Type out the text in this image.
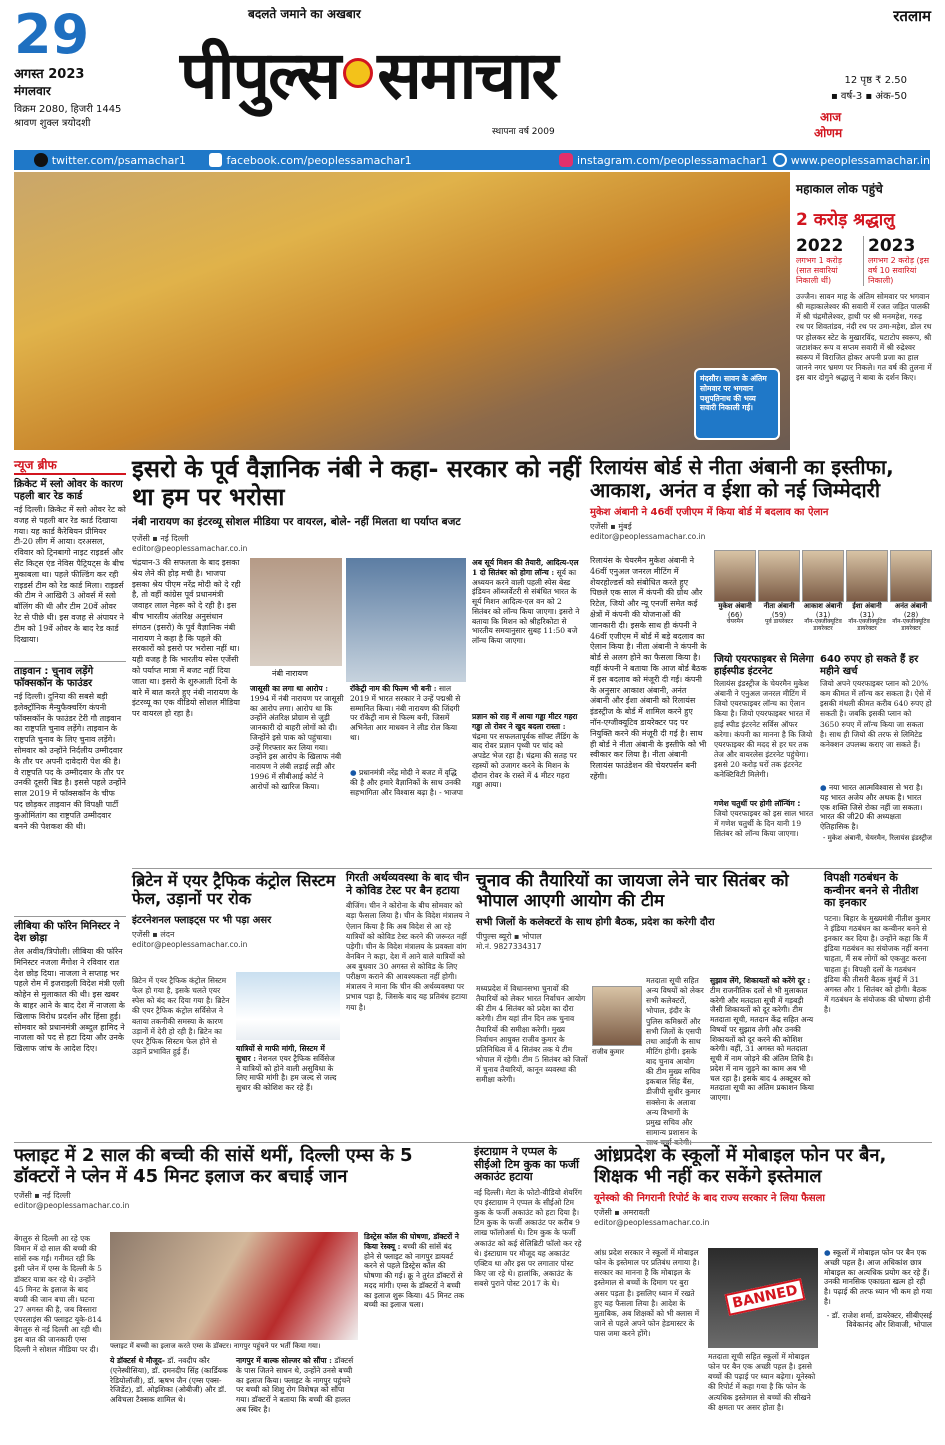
29
अगस्त 2023
मंगलवार
विक्रम 2080, हिजरी 1445
श्रावण शुक्ल त्रयोदशी
बदलते जमाने का अखबार
पीपुल्स समाचार
स्थापना वर्ष 2009
रतलाम
12 पृष्ठ ₹ 2.50
▪ वर्ष-3 ▪ अंक-50
आज
ओणम
twitter.com/psamachar1	facebook.com/peoplessamachar1	instagram.com/peoplessamachar1 www.peoplessamachar.in
मंदसौर। सावन के अंतिम सोमवार पर भगवान पशुपतिनाथ की भव्य सवारी निकाली गई।
महाकाल लोक पहुंचे
2 करोड़ श्रद्धालु
2022
लगभग 1 करोड़ (सात सवारियां निकाली थीं)
2023
लगभग 2 करोड़ (इस वर्ष 10 सवारियां निकाली)
उज्जैन। सावन माह के अंतिम सोमवार पर भगवान श्री महाकालेश्वर की सवारी में रजत जड़ित पालकी में श्री चंद्रमौलेश्वर, हाथी पर श्री मनमहेश, गरुड़ रथ पर शिवतांडव, नंदी रथ पर उमा-महेश, डोल रथ पर होलकर स्टेट के मुखारविंद, घटाटोप स्वरूप, श्री जटाशंकर रूप व सप्तम सवारी में श्री रुद्रेश्वर स्वरूप में विराजित होकर अपनी प्रजा का हाल जानने नगर भ्रमण पर निकले। गत वर्ष की तुलना में इस बार दोगुने श्रद्धालु ने बाबा के दर्शन किए।
न्यूज ब्रीफ
क्रिकेट में स्लो ओवर के कारण पहली बार रेड कार्ड
नई दिल्ली। क्रिकेट में स्लो ओवर रेट को वजह से पहली बार रेड कार्ड दिखाया गया। यह कार्ड कैरेबियन प्रीमियर टी-20 लीग में आया। दरअसल, रविवार को ट्रिनबागो नाइट राइडर्स और सेंट किट्स एंड नेविस पैट्रियट्स के बीच मुकाबला था। पहले फील्डिंग कर रही राइडर्स टीम को रेड कार्ड मिला। राइडर्स की टीम ने आखिरी 3 ओवर्स में स्लो बॉलिंग की थी और टीम 20वें ओवर रेट से पीछे थी। इस वजह से अंपायर ने टीम को 19वें ओवर के बाद रेड कार्ड दिखाया।
ताइवान : चुनाव लड़ेंगे फॉक्सकॉन के फाउंडर
नई दिल्ली। दुनिया की सबसे बड़ी इलेक्ट्रॉनिक मैन्युफैक्चरिंग कंपनी फॉक्सकॉन के फाउंडर टेरी गौ ताइवान का राष्ट्रपति चुनाव लड़ेंगे। ताइवान के राष्ट्रपति चुनाव के लिए चुनाव लड़ेंगे। सोमवार को उन्होंने निर्दलीय उम्मीदवार के तौर पर अपनी दावेदारी पेश की है। वे राष्ट्रपति पद के उम्मीदवार के तौर पर उनकी दूसरी बिड है। इससे पहले उन्होंने साल 2019 में फॉक्सकॉन के चीफ पद छोड़कर ताइवान की विपक्षी पार्टी कुओमिंतांग का राष्ट्रपति उम्मीदवार बनने की पेशकश की थी।
लीबिया की फॉरेन मिनिस्टर ने देश छोड़ा
तेल अवीव/त्रिपोली। लीबिया की फॉरेन मिनिस्टर नजला मैंगोश ने रविवार रात देश छोड़ दिया। नाजला ने सप्ताह भर पहले रोम में इजराइली विदेश मंत्री एली कोहेन से मुलाकात की थी। इस खबर के बाहर आने के बाद देश में नाजला के खिलाफ विरोध प्रदर्शन और हिंसा हुई। सोमवार को प्रधानमंत्री अब्दुल हामिद ने नाजला को पद से हटा दिया और उनके खिलाफ जांच के आदेश दिए।
इसरो के पूर्व वैज्ञानिक नंबी ने कहा- सरकार को नहीं था हम पर भरोसा
नंबी नारायण का इंटरव्यू सोशल मीडिया पर वायरल, बोले- नहीं मिलता था पर्याप्त बजट
एजेंसी ▪ नई दिल्ली
editor@peoplessamachar.co.in
चंद्रयान-3 की सफलता के बाद इसका श्रेय लेने की होड़ मची है। भाजपा इसका श्रेय पीएम नरेंद्र मोदी को दे रही है, तो वहीं कांग्रेस पूर्व प्रधानमंत्री जवाहर लाल नेहरू को दे रही है। इस बीच भारतीय अंतरिक्ष अनुसंधान संगठन (इसरो) के पूर्व वैज्ञानिक नंबी नारायण ने कहा है कि पहले की सरकारों को इसरो पर भरोसा नहीं था। यही वजह है कि भारतीय स्पेस एजेंसी को पर्याप्त मात्रा में बजट नहीं दिया जाता था। इसरो के शुरुआती दिनों के बारे में बात करते हुए नंबी नारायण के इंटरव्यू का एक वीडियो सोशल मीडिया पर वायरल हो रहा है।
नंबी नारायण
जासूसी का लगा था आरोप : 1994 में नंबी नारायण पर जासूसी का आरोप लगा। आरोप था कि उन्होंने अंतरिक्ष प्रोग्राम से जुड़ी जानकारी दो बाहरी लोगों को दी। जिन्होंने इसे पाक को पहुंचाया। उन्हें गिरफ्तार कर लिया गया। उन्होंने इस आरोप के खिलाफ नंबी नारायण ने लंबी लड़ाई लड़ी और 1996 में सीबीआई कोर्ट ने आरोपों को खारिज किया।
रॉकेट्री नाम की फिल्म भी बनी : साल 2019 में भारत सरकार ने उन्हें पद्मश्री से सम्मानित किया। नंबी नारायण की जिंदगी पर रॉकेट्री नाम से फिल्म बनी, जिसमें अभिनेता आर माधवन ने लीड रोल किया था।
● प्रधानमंत्री नरेंद्र मोदी ने बजट में वृद्धि की है और हमारे वैज्ञानिकों के साथ उनकी सहभागिता और विश्वास बढ़ा है। - भाजपा
अब सूर्य मिशन की तैयारी, आदित्य-एल 1 दो सितंबर को होगा लॉन्च : सूर्य का अध्ययन करने वाली पहली स्पेस बेस्ड इंडियन ऑब्जर्वेटरी से संबंधित भारत के सूर्य मिशन आदित्य-एल वन को 2 सितंबर को लॉन्च किया जाएगा। इसरो ने बताया कि मिशन को श्रीहरिकोटा से भारतीय समयानुसार सुबह 11:50 बजे लॉन्च किया जाएगा।
प्रज्ञान को राह में आया गड्ढा मीटर गहरा गड्ढा तो रोवर ने खुद बदला रास्ता : चंद्रमा पर सफलतापूर्वक सॉफ्ट लैंडिंग के बाद रोवर प्रज्ञान पृथ्वी पर चांद को अपडेट भेज रहा है। चंद्रमा की सतह पर रहस्यों को उजागर करने के मिशन के दौरान रोवर के रास्ते में 4 मीटर गहरा गड्ढा आया।
रिलायंस बोर्ड से नीता अंबानी का इस्तीफा, आकाश, अनंत व ईशा को नई जिम्मेदारी
मुकेश अंबानी ने 46वीं एजीएम में किया बोर्ड में बदलाव का ऐलान
एजेंसी ▪ मुंबई
editor@peoplessamachar.co.in
रिलायंस के चेयरमैन मुकेश अंबानी ने 46वीं एनुअल जनरल मीटिंग में शेयरहोल्डर्स को संबोधित करते हुए पिछले एक साल में कंपनी की ग्रोथ और रिटेल, जियो और न्यू एनर्जी समेत कई क्षेत्रों में कंपनी की योजनाओं की जानकारी दी। इसके साथ ही कंपनी ने 46वीं एजीएम में बोर्ड में बड़े बदलाव का ऐलान किया है। नीता अंबानी ने कंपनी के बोर्ड से अलग होने का फैसला किया है। वहीं कंपनी ने बताया कि आज बोर्ड बैठक में इस बदलाव को मंजूरी दी गई। कंपनी के अनुसार आकाश अंबानी, अनंत अंबानी और ईशा अंबानी को रिलायंस इंडस्ट्रीज के बोर्ड में शामिल करने हुए नॉन-एग्जीक्यूटिव डायरेक्टर पद पर नियुक्ति करने की मंजूरी दी गई है। साथ ही बोर्ड ने नीता अंबानी के इस्तीफे को भी स्वीकार कर लिया है। नीता अंबानी रिलायंस फाउंडेशन की चेयरपर्सन बनी रहेंगी।
मुकेश अंबानी
(66)
चेयरमैन
नीता अंबानी
(59)
पूर्व डायरेक्टर
आकाश अंबानी
(31)
नॉन-एक्जीक्यूटिव डायरेक्टर
ईशा अंबानी
(31)
नॉन-एक्जीक्यूटिव डायरेक्टर
अनंत अंबानी
(28)
नॉन-एक्जीक्यूटिव डायरेक्टर
जियो एयरफाइबर से मिलेगा हाईस्पीड इंटरनेट
रिलायंस इंडस्ट्रीज के चेयरमैन मुकेश अंबानी ने एनुअल जनरल मीटिंग में जियो एयरफाइबर लॉन्च का ऐलान किया है। जियो एयरफाइबर भारत में हाई स्पीड इंटरनेट सर्विस ऑफर करेगा। कंपनी का मानना है कि जियो एयरफाइबर की मदद से हर घर तक तेज और वायरलेस इंटरनेट पहुंचेगा। इससे 20 करोड़ घरों तक इंटरनेट कनेक्टिविटी मिलेगी।
गणेश चतुर्थी पर होगी लॉन्चिंग :
जियो एयरफाइबर को इस साल भारत में गणेश चतुर्थी के दिन यानी 19 सितंबर को लॉन्च किया जाएगा।
640 रुपए हो सकते हैं हर महीने खर्च
जियो अपने एयरफाइबर प्लान को 20% कम कीमत में लॉन्च कर सकता है। ऐसे में इसकी मंथली कीमत करीब 640 रुपए हो सकती है। जबकि इसकी प्लान को 3650 रुपए में लॉन्च किया जा सकता है। साथ ही जियो की तरफ से लिमिटेड कनेक्शन उपलब्ध कराए जा सकते हैं।
● नया भारत आत्मविश्वास से भरा है। यह भारत अजेय और अथक है। भारत एक शक्ति जिसे रोका नहीं जा सकता। भारत की जी20 की अध्यक्षता ऐतिहासिक है।
- मुकेश अंबानी, चेयरमैन, रिलायंस इंडस्ट्रीज
ब्रिटेन में एयर ट्रैफिक कंट्रोल सिस्टम फेल, उड़ानों पर रोक
इंटरनेशनल फ्लाइट्स पर भी पड़ा असर
एजेंसी ▪ लंदन
editor@peoplessamachar.co.in
ब्रिटेन में एयर ट्रैफिक कंट्रोल सिस्टम फेल हो गया है, इसके चलते एयर स्पेस को बंद कर दिया गया है। ब्रिटेन की एयर ट्रैफिक कंट्रोल सर्विसेज ने बताया तकनीकी समस्या के कारण उड़ानों में देरी हो रही है। ब्रिटेन का एयर ट्रैफिक सिस्टम फेल होने से उड़ानें प्रभावित हुई हैं।	यात्रियों से माफी मांगी, सिस्टम में सुधार : नेशनल एयर ट्रैफिक सर्विसेज ने यात्रियों को होने वाली असुविधा के लिए माफी मांगी है। हम जल्द से जल्द सुधार की कोशिश कर रहे हैं।
गिरती अर्थव्यवस्था के बाद चीन ने कोविड टेस्ट पर बैन हटाया
बीजिंग। चीन ने कोरोना के बीच सोमवार को बड़ा फैसला लिया है। चीन के विदेश मंत्रालय ने ऐलान किया है कि अब विदेश से आ रहे यात्रियों को कोविड टेस्ट करने की जरूरत नहीं पड़ेगी। चीन के विदेश मंत्रालय के प्रवक्ता वांग वेनबिन ने कहा, देश में आने वाले यात्रियों को अब बुधवार 30 अगस्त से कोविड के लिए परीक्षण कराने की आवश्यकता नहीं होगी। मंत्रालय ने माना कि चीन की अर्थव्यवस्था पर प्रभाव पड़ा है, जिसके बाद यह प्रतिबंध हटाया गया है।
चुनाव की तैयारियों का जायजा लेने चार सितंबर को भोपाल आएगी आयोग की टीम
सभी जिलों के कलेक्टरों के साथ होगी बैठक, प्रदेश का करेगी दौरा
पीपुल्स ब्यूरो ▪ भोपाल
मो.नं. 9827334317
मध्यप्रदेश में विधानसभा चुनावों की तैयारियों को लेकर भारत निर्वाचन आयोग की टीम 4 सितंबर को प्रदेश का दौरा करेगी। टीम यहां तीन दिन तक चुनाव तैयारियों की समीक्षा करेगी। मुख्य निर्वाचन आयुक्त राजीव कुमार के प्रतिनिधित्व में 4 सितंबर तक ये टीम भोपाल में रहेगी। टीम 5 सितंबर को जिलों में चुनाव तैयारियों, कानून व्यवस्था की समीक्षा करेगी।
राजीव कुमार
मतदाता सूची सहित अन्य विषयों को लेकर सभी कलेक्टरों, भोपाल, इंदौर के पुलिस कमिश्नरों और सभी जिलों के एसपी तथा आईजी के साथ मीटिंग होगी। इसके बाद चुनाव आयोग की टीम मुख्य सचिव इकबाल सिंह बैंस, डीजीपी सुधीर कुमार सक्सेना के अलावा अन्य विभागों के प्रमुख सचिव और सामान्य प्रशासन के
सुझाव लेंगे, शिकायतों को करेंगे दूर : टीम राजनीतिक दलों से भी मुलाकात करेगी और मतदाता सूची में गड़बड़ी जैसी शिकायतों को दूर करेगी। टीम मतदाता सूची, मतदान केंद्र सहित अन्य विषयों पर सुझाव लेगी और उनकी शिकायतों को दूर करने की कोशिश करेगी। वहीं, 31 अगस्त को मतदाता सूची में नाम जोड़ने की अंतिम तिथि है। प्रदेश में नाम जुड़ने का काम अब भी चल रहा है। इसके बाद 4 अक्टूबर को मतदाता सूची का अंतिम प्रकाशन किया जाएगा।
विपक्षी गठबंधन के कन्वीनर बनने से नीतीश का इनकार
पटना। बिहार के मुख्यमंत्री नीतीश कुमार ने इंडिया गठबंधन का कन्वीनर बनने से इनकार कर दिया है। उन्होंने कहा कि मैं इंडिया गठबंधन का संयोजक नहीं बनना चाहता, मैं सब लोगों को एकजुट करना चाहता हूं। विपक्षी दलों के गठबंधन इंडिया की तीसरी बैठक मुंबई में 31 अगस्त और 1 सितंबर को होगी। बैठक में गठबंधन के संयोजक की घोषणा होनी है।
फ्लाइट में 2 साल की बच्ची की सांसें थमीं, दिल्ली एम्स के 5 डॉक्टरों ने प्लेन में 45 मिनट इलाज कर बचाई जान
एजेंसी ▪ नई दिल्ली
editor@peoplessamachar.co.in
बेंगलुरु से दिल्ली आ रहे एक विमान में दो साल की बच्ची की सांसें रुक गईं। गनीमत रही कि इसी प्लेन में एम्स के दिल्ली के 5 डॉक्टर यात्रा कर रहे थे। उन्होंने 45 मिनट के इलाज के बाद बच्ची की जान बचा ली। घटना 27 अगस्त की है, जब विस्तारा एयरलाइंस की फ्लाइट यूके-814 बेंगलुरु से नई दिल्ली आ रही थी। इस बात की जानकारी एम्स दिल्ली ने सोशल मीडिया पर दी।	फ्लाइट में बच्ची का इलाज करते एम्स के डॉक्टर। नागपुर पहुंचने पर भर्ती किया गया।
ये डॉक्टर्स थे मौजूद- डॉ. नवदीप कौर (एनेस्थीसिया), डॉ. दमनदीप सिंह (कार्डियक रेडियोलॉजी), डॉ. ऋषभ जैन (एम्स एक्स-रेजिडेंट), डॉ. ओइशिका (ओबीजी) और डॉ. अविचला टैक्सक शामिल थे।
नागपुर में बाल्क सोल्जर को सौंपा : डॉक्टर्स के पास जितने साधन थे, उन्होंने उनसे बच्ची का इलाज किया। फ्लाइट के नागपुर पहुंचने पर बच्ची को शिशु रोग विशेषज्ञ को सौंपा गया। डॉक्टरों ने बताया कि बच्ची की हालत अब स्थिर है।
डिस्ट्रेस कॉल की घोषणा, डॉक्टरों ने किया रेस्क्यू : बच्ची की सांसें बंद होने से फ्लाइट को नागपुर डायवर्ट करने से पहले डिस्ट्रेस कॉल की घोषणा की गई। क्रू ने तुरंत डॉक्टरों से मदद मांगी। एम्स के डॉक्टरों ने बच्ची का इलाज शुरू किया। 45 मिनट तक बच्ची का इलाज चला।
इंस्टाग्राम ने एप्पल के सीईओ टिम कुक का फर्जी अकाउंट हटाया
नई दिल्ली। मेटा के फोटो-वीडियो शेयरिंग एप इंस्टाग्राम ने एप्पल के सीईओ टिम कुक के फर्जी अकाउंट को हटा दिया है। टिम कुक के फर्जी अकाउंट पर करीब 9 लाख फॉलोअर्स थे। टिम कुक के फर्जी अकाउंट को कई सेलिब्रिटी फॉलो कर रहे थे। इंस्टाग्राम पर मौजूद यह अकाउंट एक्टिव था और इस पर लगातार पोस्ट किए जा रहे थे। हालांकि, अकाउंट के सबसे पुराने पोस्ट 2017 के थे।
आंध्रप्रदेश के स्कूलों में मोबाइल फोन पर बैन, शिक्षक भी नहीं कर सकेंगे इस्तेमाल
यूनेस्को की निगरानी रिपोर्ट के बाद राज्य सरकार ने लिया फैसला
एजेंसी ▪ अमरावती
editor@peoplessamachar.co.in
आंध्र प्रदेश सरकार ने स्कूलों में मोबाइल फोन के इस्तेमाल पर प्रतिबंध लगाया है। सरकार का मानना है कि मोबाइल के इस्तेमाल से बच्चों के दिमाग पर बुरा असर पड़ता है। इसलिए ध्यान में रखते हुए यह फैसला लिया है। आदेश के मुताबिक, अब शिक्षकों को भी क्लास में जाने से पहले अपने फोन हेडमास्टर के पास जमा करने होंगे।
BANNED
मतदाता सूची सहित स्कूलों में मोबाइल फोन पर बैन एक अच्छी पहल है। इससे बच्चों की पढ़ाई पर ध्यान बढ़ेगा। यूनेस्को की रिपोर्ट में कहा गया है कि फोन के अत्यधिक इस्तेमाल से बच्चों की सीखने की क्षमता पर असर होता है।
● स्कूलों में मोबाइल फोन पर बैन एक अच्छी पहल है। आज अधिकांश छात्र मोबाइल का अत्यधिक प्रयोग कर रहे हैं। उनकी मानसिक एकाग्रता खत्म हो रही है। पढ़ाई की तरफ ध्यान भी कम हो गया है।
- डॉ. राजेश शर्मा, डायरेक्टर, सीबीएसई विवेकानंद और शिवाजी, भोपाल
